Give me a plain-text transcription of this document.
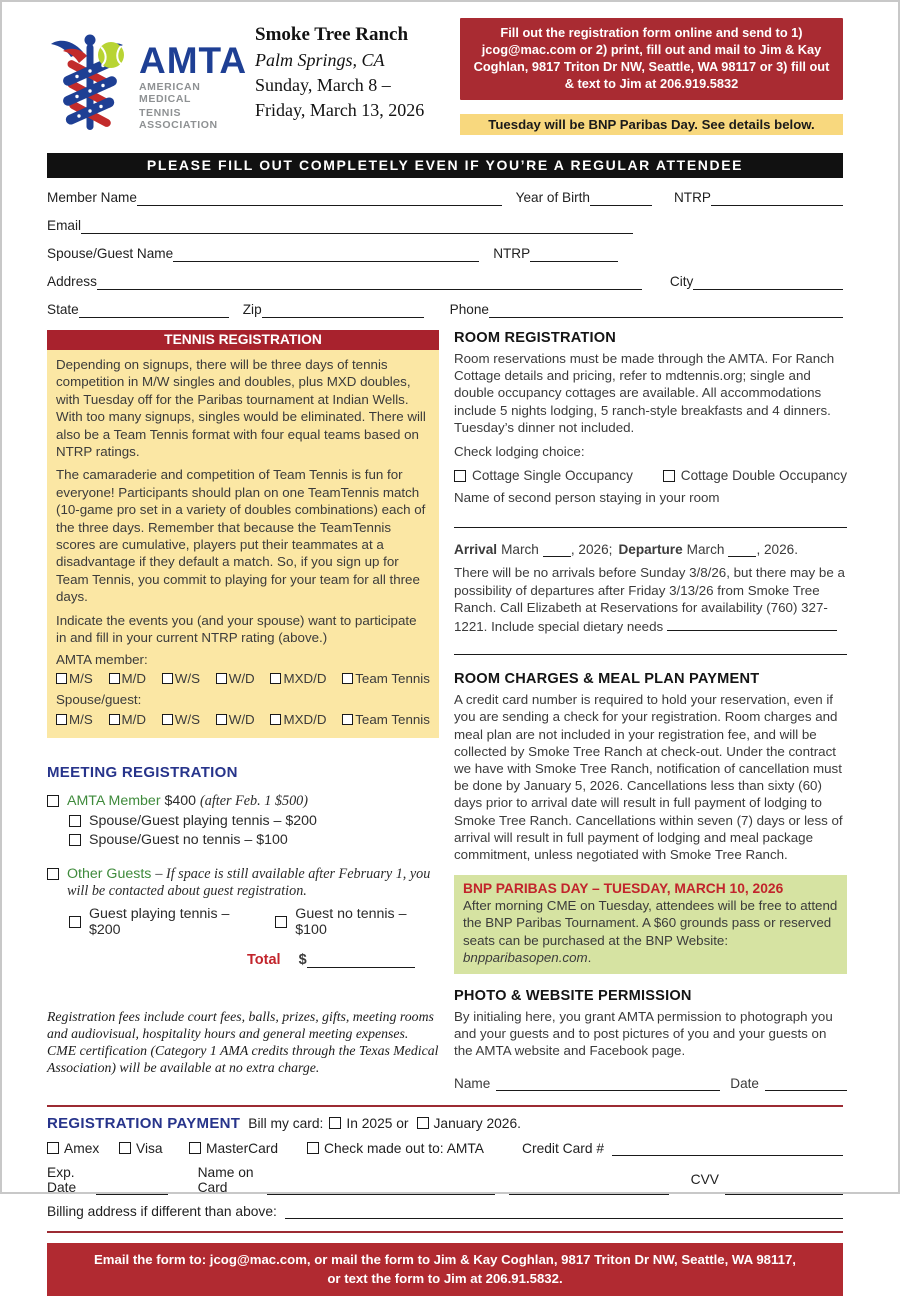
AMTA
AMERICAN MEDICAL
TENNIS ASSOCIATION
Smoke Tree Ranch
Palm Springs, CA
Sunday, March 8 –
Friday, March 13, 2026
Fill out the registration form online and send to 1) jcog@mac.com or 2) print, fill out and mail to Jim & Kay Coghlan, 9817 Triton Dr NW, Seattle, WA 98117 or 3) fill out & text to Jim at 206.919.5832
Tuesday will be BNP Paribas Day. See details below.
PLEASE FILL OUT COMPLETELY EVEN IF YOU’RE A REGULAR ATTENDEE
Member Name	Year of Birth	NTRP
Email
Spouse/Guest Name	NTRP
Address	City
State	Zip	Phone
TENNIS REGISTRATION

Depending on signups, there will be three days of tennis competition in M/W singles and doubles, plus MXD doubles, with Tuesday off for the Paribas tournament at Indian Wells. With too many signups, singles would be eliminated. There will also be a Team Tennis format with four equal teams based on NTRP ratings.

The camaraderie and competition of Team Tennis is fun for everyone! Participants should plan on one TeamTennis match (10-game pro set in a variety of doubles combinations) each of the three days. Remember that because the TeamTennis scores are cumulative, players put their teammates at a disadvantage if they default a match. So, if you sign up for Team Tennis, you commit to playing for your team for all three days.

Indicate the events you (and your spouse) want to participate in and fill in your current NTRP rating (above.)

AMTA member:
M/S M/D W/S W/D MXD/D Team Tennis
Spouse/guest:
M/S M/D W/S W/D MXD/D Team Tennis
MEETING REGISTRATION
AMTA Member $400 (after Feb. 1 $500)
Spouse/Guest playing tennis – $200
Spouse/Guest no tennis – $100
Other Guests – If space is still available after February 1, you will be contacted about guest registration.
Guest playing tennis – $200
Guest no tennis – $100
Total $
Registration fees include court fees, balls, prizes, gifts, meeting rooms and audiovisual, hospitality hours and general meeting expenses. CME certification (Category 1 AMA credits through the Texas Medical Association) will be available at no extra charge.
ROOM REGISTRATION
Room reservations must be made through the AMTA. For Ranch Cottage details and pricing, refer to mdtennis.org; single and double occupancy cottages are available. All accommodations include 5 nights lodging, 5 ranch-style breakfasts and 4 dinners. Tuesday’s dinner not included.
Check lodging choice:
Cottage Single Occupancy	Cottage Double Occupancy
Name of second person staying in your room
Arrival March , 2026; Departure March , 2026.
There will be no arrivals before Sunday 3/8/26, but there may be a possibility of departures after Friday 3/13/26 from Smoke Tree Ranch. Call Elizabeth at Reservations for availability (760) 327-1221. Include special dietary needs
ROOM CHARGES & MEAL PLAN PAYMENT
A credit card number is required to hold your reservation, even if you are sending a check for your registration. Room charges and meal plan are not included in your registration fee, and will be collected by Smoke Tree Ranch at check-out. Under the contract we have with Smoke Tree Ranch, notification of cancellation must be done by January 5, 2026. Cancellations less than sixty (60) days prior to arrival date will result in full payment of lodging to Smoke Tree Ranch. Cancellations within seven (7) days or less of arrival will result in full payment of lodging and meal package commitment, unless negotiated with Smoke Tree Ranch.
BNP PARIBAS DAY – TUESDAY, MARCH 10, 2026
After morning CME on Tuesday, attendees will be free to attend the BNP Paribas Tournament. A $60 grounds pass or reserved seats can be purchased at the BNP Website: bnpparibasopen.com.
PHOTO & WEBSITE PERMISSION
By initialing here, you grant AMTA permission to photograph you and your guests and to post pictures of you and your guests on the AMTA website and Facebook page.
Name	Date
REGISTRATION PAYMENT Bill my card: In 2025 or January 2026.
Amex	Visa	MasterCard	Check made out to: AMTA	Credit Card #
Exp. Date
Name on Card	CVV
Billing address if different than above:
Email the form to: jcog@mac.com, or mail the form to Jim & Kay Coghlan, 9817 Triton Dr NW, Seattle, WA 98117, or text the form to Jim at 206.91.5832.
